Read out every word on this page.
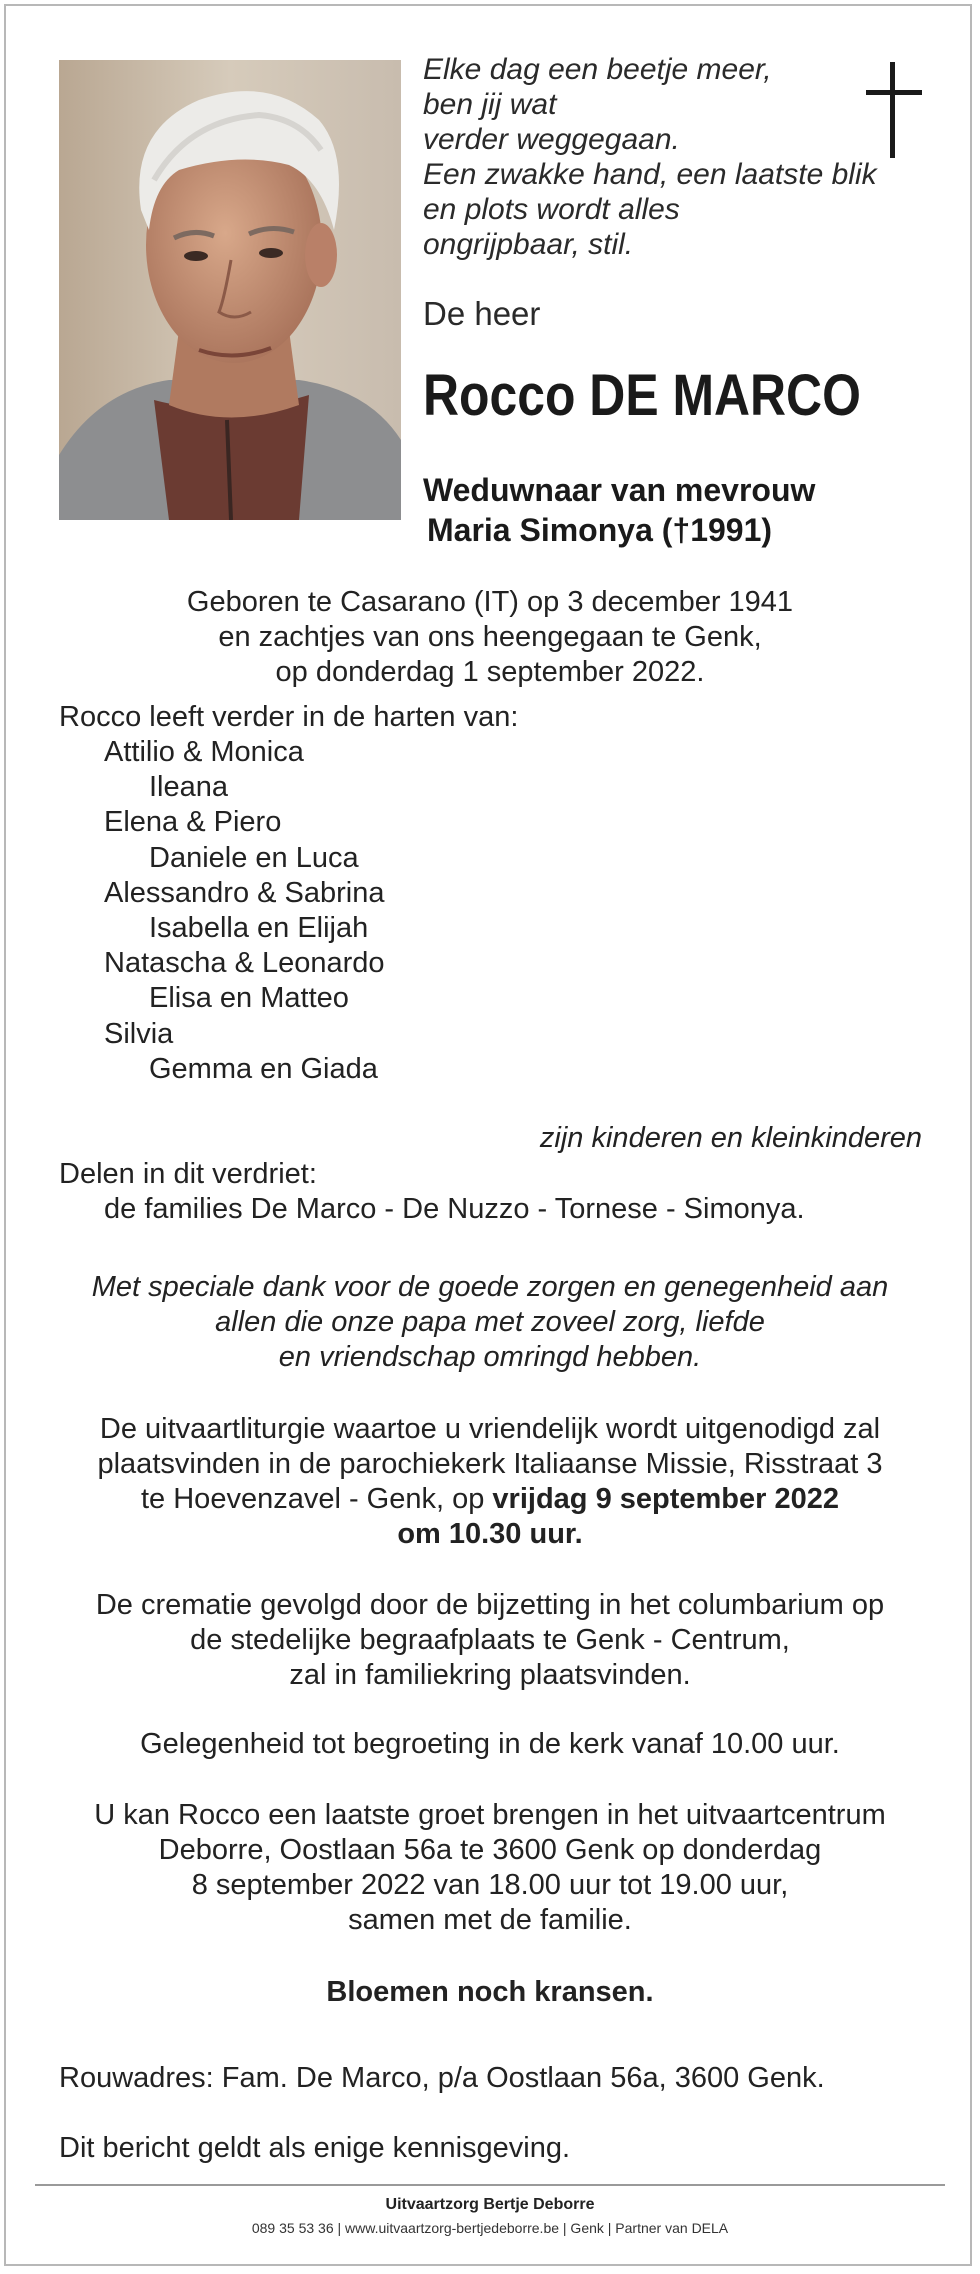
Elke dag een beetje meer,
ben jij wat
verder weggegaan.
Een zwakke hand, een laatste blik
en plots wordt alles
ongrijpbaar, stil.
De heer
Rocco DE MARCO
Weduwnaar van mevrouw
Maria Simonya (†1991)
Geboren te Casarano (IT) op 3 december 1941
en zachtjes van ons heengegaan te Genk,
op donderdag 1 september 2022.
Rocco leeft verder in de harten van:
Attilio & Monica
Ileana
Elena & Piero
Daniele en Luca
Alessandro & Sabrina
Isabella en Elijah
Natascha & Leonardo
Elisa en Matteo
Silvia
Gemma en Giada
zijn kinderen en kleinkinderen
Delen in dit verdriet:
de families De Marco - De Nuzzo - Tornese - Simonya.
Met speciale dank voor de goede zorgen en genegenheid aan
allen die onze papa met zoveel zorg, liefde
en vriendschap omringd hebben.
De uitvaartliturgie waartoe u vriendelijk wordt uitgenodigd zal
plaatsvinden in de parochiekerk Italiaanse Missie, Risstraat 3
te Hoevenzavel - Genk, op vrijdag 9 september 2022
om 10.30 uur.
De crematie gevolgd door de bijzetting in het columbarium op
de stedelijke begraafplaats te Genk - Centrum,
zal in familiekring plaatsvinden.
Gelegenheid tot begroeting in de kerk vanaf 10.00 uur.
U kan Rocco een laatste groet brengen in het uitvaartcentrum
Deborre, Oostlaan 56a te 3600 Genk op donderdag
8 september 2022 van 18.00 uur tot 19.00 uur,
samen met de familie.
Bloemen noch kransen.
Rouwadres: Fam. De Marco, p/a Oostlaan 56a, 3600 Genk.
Dit bericht geldt als enige kennisgeving.
Uitvaartzorg Bertje Deborre
089 35 53 36 | www.uitvaartzorg-bertjedeborre.be | Genk | Partner van DELA
